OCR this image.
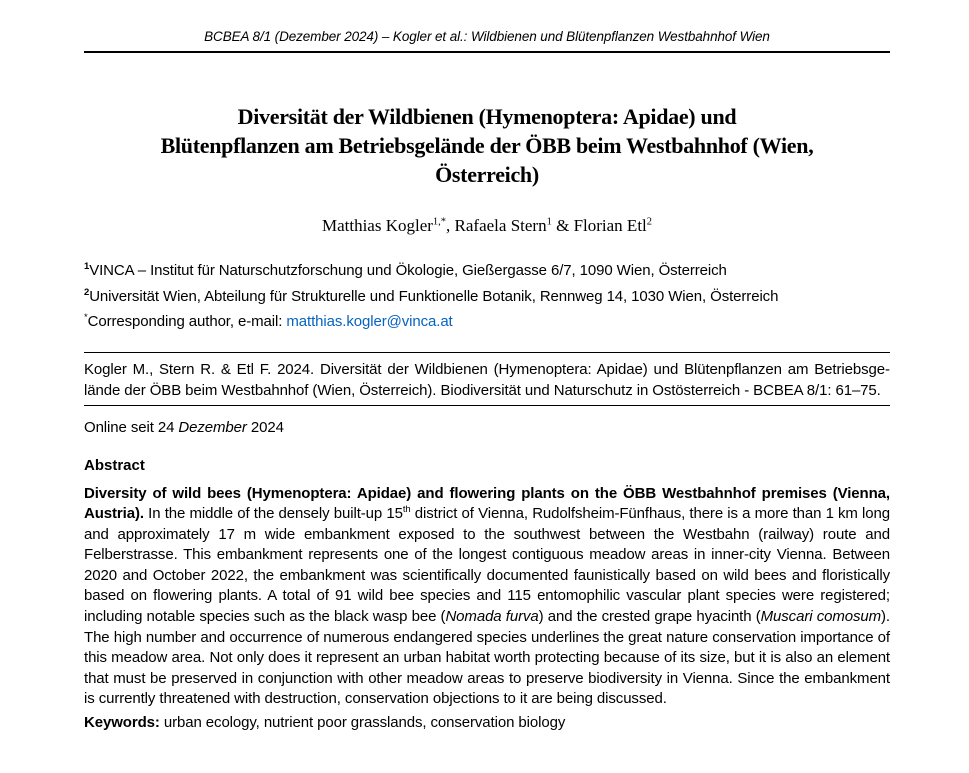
BCBEA 8/1 (Dezember 2024) – Kogler et al.: Wildbienen und Blütenpflanzen Westbahnhof Wien
Diversität der Wildbienen (Hymenoptera: Apidae) und
Blütenpflanzen am Betriebsgelände der ÖBB beim Westbahnhof (Wien,
Österreich)
Matthias Kogler$^{1,*}$, Rafaela Stern$^1$ & Florian Etl$^2$

$^1$VINCA – Institut für Naturschutzforschung und Ökologie, Gießergasse 6/7, 1090 Wien, Österreich

$^2$Universität Wien, Abteilung für Strukturelle und Funktionelle Botanik, Rennweg 14, 1030 Wien, Österreich

*Corresponding author, e-mail: matthias.kogler@vinca.at

Kogler M., Stern R. & Etl F. 2024. Diversität der Wildbienen (Hymenoptera: Apidae) und Blütenpflanzen am Betriebsgelände der ÖBB beim Westbahnhof (Wien, Österreich). Biodiversität und Naturschutz in Ostösterreich - BCBEA 8/1: 61–75.

Online seit 24 Dezember 2024

Abstract

Diversity of wild bees (Hymenoptera: Apidae) and flowering plants on the ÖBB Westbahnhof premises (Vienna, Austria). In the middle of the densely built-up 15th district of Vienna, Rudolfsheim-Fünfhaus, there is a more than 1 km long and approximately 17 m wide embankment exposed to the southwest between the Westbahn (railway) route and Felberstrasse. This embankment represents one of the longest contiguous meadow areas in inner-city Vienna. Between 2020 and October 2022, the embankment was scientifically documented faunistically based on wild bees and floristically based on flowering plants. A total of 91 wild bee species and 115 entomophilic vascular plant species were registered; including notable species such as the black wasp bee (Nomada furva) and the crested grape hyacinth (Muscari comosum). The high number and occurrence of numerous endangered species underlines the great nature conservation importance of this meadow area. Not only does it represent an urban habitat worth protecting because of its size, but it is also an element that must be preserved in conjunction with other meadow areas to preserve biodiversity in Vienna. Since the embankment is currently threatened with destruction, conservation objections to it are being discussed.

Keywords: urban ecology, nutrient poor grasslands, conservation biology
